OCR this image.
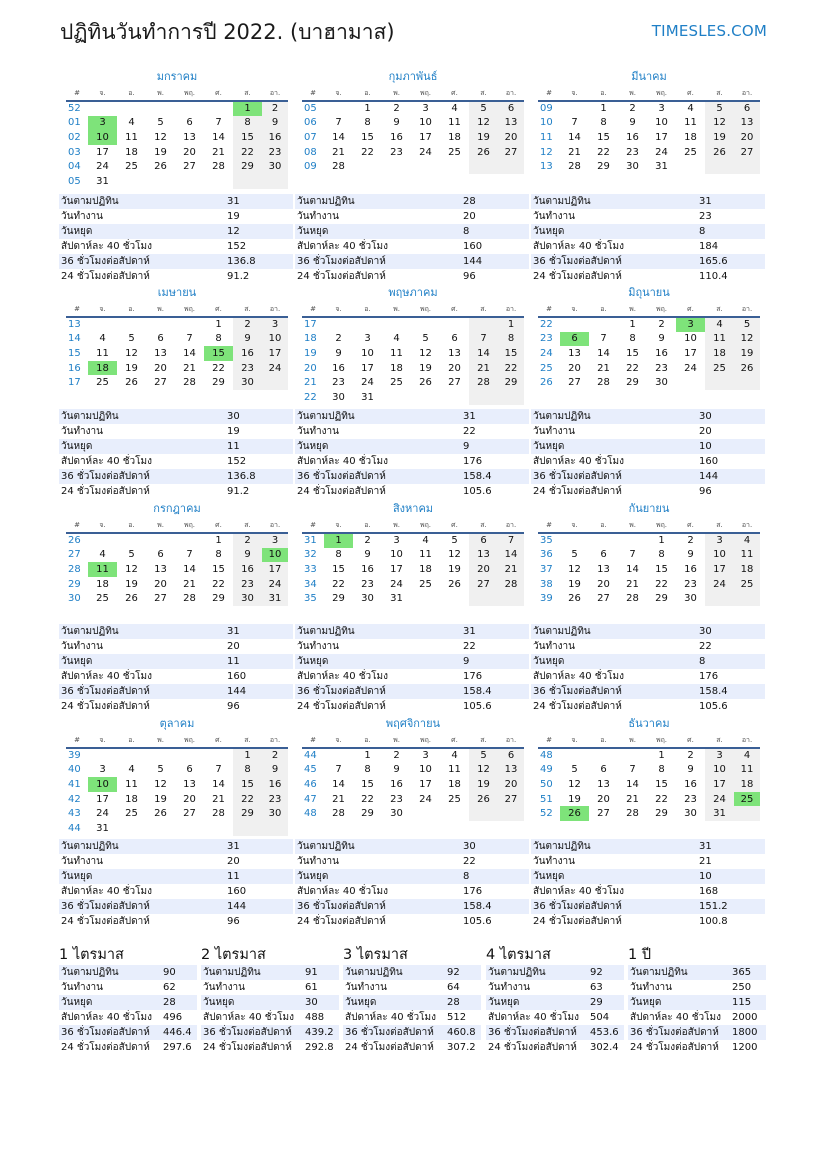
ปฏิทินวันทำการปี 2022. (บาฮามาส)	TIMESLES.COM
มกราคม
#	จ.	อ.	พ.	พฤ.	ศ.	ส.	อา.
52						1	2
01	3	4	5	6	7	8	9
02	10	11	12	13	14	15	16
03	17	18	19	20	21	22	23
04	24	25	26	27	28	29	30
05	31						
วันตามปฏิทิน	31
วันทำงาน	19
วันหยุด	12
สัปดาห์ละ 40 ชั่วโมง	152
36 ชั่วโมงต่อสัปดาห์	136.8
24 ชั่วโมงต่อสัปดาห์	91.2
กุมภาพันธ์
#	จ.	อ.	พ.	พฤ.	ศ.	ส.	อา.
05		1	2	3	4	5	6
06	7	8	9	10	11	12	13
07	14	15	16	17	18	19	20
08	21	22	23	24	25	26	27
09	28						
วันตามปฏิทิน	28
วันทำงาน	20
วันหยุด	8
สัปดาห์ละ 40 ชั่วโมง	160
36 ชั่วโมงต่อสัปดาห์	144
24 ชั่วโมงต่อสัปดาห์	96
มีนาคม
#	จ.	อ.	พ.	พฤ.	ศ.	ส.	อา.
09		1	2	3	4	5	6
10	7	8	9	10	11	12	13
11	14	15	16	17	18	19	20
12	21	22	23	24	25	26	27
13	28	29	30	31			
วันตามปฏิทิน	31
วันทำงาน	23
วันหยุด	8
สัปดาห์ละ 40 ชั่วโมง	184
36 ชั่วโมงต่อสัปดาห์	165.6
24 ชั่วโมงต่อสัปดาห์	110.4
เมษายน
#	จ.	อ.	พ.	พฤ.	ศ.	ส.	อา.
13					1	2	3
14	4	5	6	7	8	9	10
15	11	12	13	14	15	16	17
16	18	19	20	21	22	23	24
17	25	26	27	28	29	30	
วันตามปฏิทิน	30
วันทำงาน	19
วันหยุด	11
สัปดาห์ละ 40 ชั่วโมง	152
36 ชั่วโมงต่อสัปดาห์	136.8
24 ชั่วโมงต่อสัปดาห์	91.2
พฤษภาคม
#	จ.	อ.	พ.	พฤ.	ศ.	ส.	อา.
17							1
18	2	3	4	5	6	7	8
19	9	10	11	12	13	14	15
20	16	17	18	19	20	21	22
21	23	24	25	26	27	28	29
22	30	31					
วันตามปฏิทิน	31
วันทำงาน	22
วันหยุด	9
สัปดาห์ละ 40 ชั่วโมง	176
36 ชั่วโมงต่อสัปดาห์	158.4
24 ชั่วโมงต่อสัปดาห์	105.6
มิถุนายน
#	จ.	อ.	พ.	พฤ.	ศ.	ส.	อา.
22			1	2	3	4	5
23	6	7	8	9	10	11	12
24	13	14	15	16	17	18	19
25	20	21	22	23	24	25	26
26	27	28	29	30			
วันตามปฏิทิน	30
วันทำงาน	20
วันหยุด	10
สัปดาห์ละ 40 ชั่วโมง	160
36 ชั่วโมงต่อสัปดาห์	144
24 ชั่วโมงต่อสัปดาห์	96
กรกฎาคม
#	จ.	อ.	พ.	พฤ.	ศ.	ส.	อา.
26					1	2	3
27	4	5	6	7	8	9	10
28	11	12	13	14	15	16	17
29	18	19	20	21	22	23	24
30	25	26	27	28	29	30	31
วันตามปฏิทิน	31
วันทำงาน	20
วันหยุด	11
สัปดาห์ละ 40 ชั่วโมง	160
36 ชั่วโมงต่อสัปดาห์	144
24 ชั่วโมงต่อสัปดาห์	96
สิงหาคม
#	จ.	อ.	พ.	พฤ.	ศ.	ส.	อา.
31	1	2	3	4	5	6	7
32	8	9	10	11	12	13	14
33	15	16	17	18	19	20	21
34	22	23	24	25	26	27	28
35	29	30	31				
วันตามปฏิทิน	31
วันทำงาน	22
วันหยุด	9
สัปดาห์ละ 40 ชั่วโมง	176
36 ชั่วโมงต่อสัปดาห์	158.4
24 ชั่วโมงต่อสัปดาห์	105.6
กันยายน
#	จ.	อ.	พ.	พฤ.	ศ.	ส.	อา.
35				1	2	3	4
36	5	6	7	8	9	10	11
37	12	13	14	15	16	17	18
38	19	20	21	22	23	24	25
39	26	27	28	29	30		
วันตามปฏิทิน	30
วันทำงาน	22
วันหยุด	8
สัปดาห์ละ 40 ชั่วโมง	176
36 ชั่วโมงต่อสัปดาห์	158.4
24 ชั่วโมงต่อสัปดาห์	105.6
ตุลาคม
#	จ.	อ.	พ.	พฤ.	ศ.	ส.	อา.
39						1	2
40	3	4	5	6	7	8	9
41	10	11	12	13	14	15	16
42	17	18	19	20	21	22	23
43	24	25	26	27	28	29	30
44	31						
วันตามปฏิทิน	31
วันทำงาน	20
วันหยุด	11
สัปดาห์ละ 40 ชั่วโมง	160
36 ชั่วโมงต่อสัปดาห์	144
24 ชั่วโมงต่อสัปดาห์	96
พฤศจิกายน
#	จ.	อ.	พ.	พฤ.	ศ.	ส.	อา.
44		1	2	3	4	5	6
45	7	8	9	10	11	12	13
46	14	15	16	17	18	19	20
47	21	22	23	24	25	26	27
48	28	29	30				
วันตามปฏิทิน	30
วันทำงาน	22
วันหยุด	8
สัปดาห์ละ 40 ชั่วโมง	176
36 ชั่วโมงต่อสัปดาห์	158.4
24 ชั่วโมงต่อสัปดาห์	105.6
ธันวาคม
#	จ.	อ.	พ.	พฤ.	ศ.	ส.	อา.
48				1	2	3	4
49	5	6	7	8	9	10	11
50	12	13	14	15	16	17	18
51	19	20	21	22	23	24	25
52	26	27	28	29	30	31	
วันตามปฏิทิน	31
วันทำงาน	21
วันหยุด	10
สัปดาห์ละ 40 ชั่วโมง	168
36 ชั่วโมงต่อสัปดาห์	151.2
24 ชั่วโมงต่อสัปดาห์	100.8
1 ไตรมาส
วันตามปฏิทิน	90
วันทำงาน	62
วันหยุด	28
สัปดาห์ละ 40 ชั่วโมง	496
36 ชั่วโมงต่อสัปดาห์	446.4
24 ชั่วโมงต่อสัปดาห์	297.6
2 ไตรมาส
วันตามปฏิทิน	91
วันทำงาน	61
วันหยุด	30
สัปดาห์ละ 40 ชั่วโมง	488
36 ชั่วโมงต่อสัปดาห์	439.2
24 ชั่วโมงต่อสัปดาห์	292.8
3 ไตรมาส
วันตามปฏิทิน	92
วันทำงาน	64
วันหยุด	28
สัปดาห์ละ 40 ชั่วโมง	512
36 ชั่วโมงต่อสัปดาห์	460.8
24 ชั่วโมงต่อสัปดาห์	307.2
4 ไตรมาส
วันตามปฏิทิน	92
วันทำงาน	63
วันหยุด	29
สัปดาห์ละ 40 ชั่วโมง	504
36 ชั่วโมงต่อสัปดาห์	453.6
24 ชั่วโมงต่อสัปดาห์	302.4
1 ปี
วันตามปฏิทิน	365
วันทำงาน	250
วันหยุด	115
สัปดาห์ละ 40 ชั่วโมง	2000
36 ชั่วโมงต่อสัปดาห์	1800
24 ชั่วโมงต่อสัปดาห์	1200
